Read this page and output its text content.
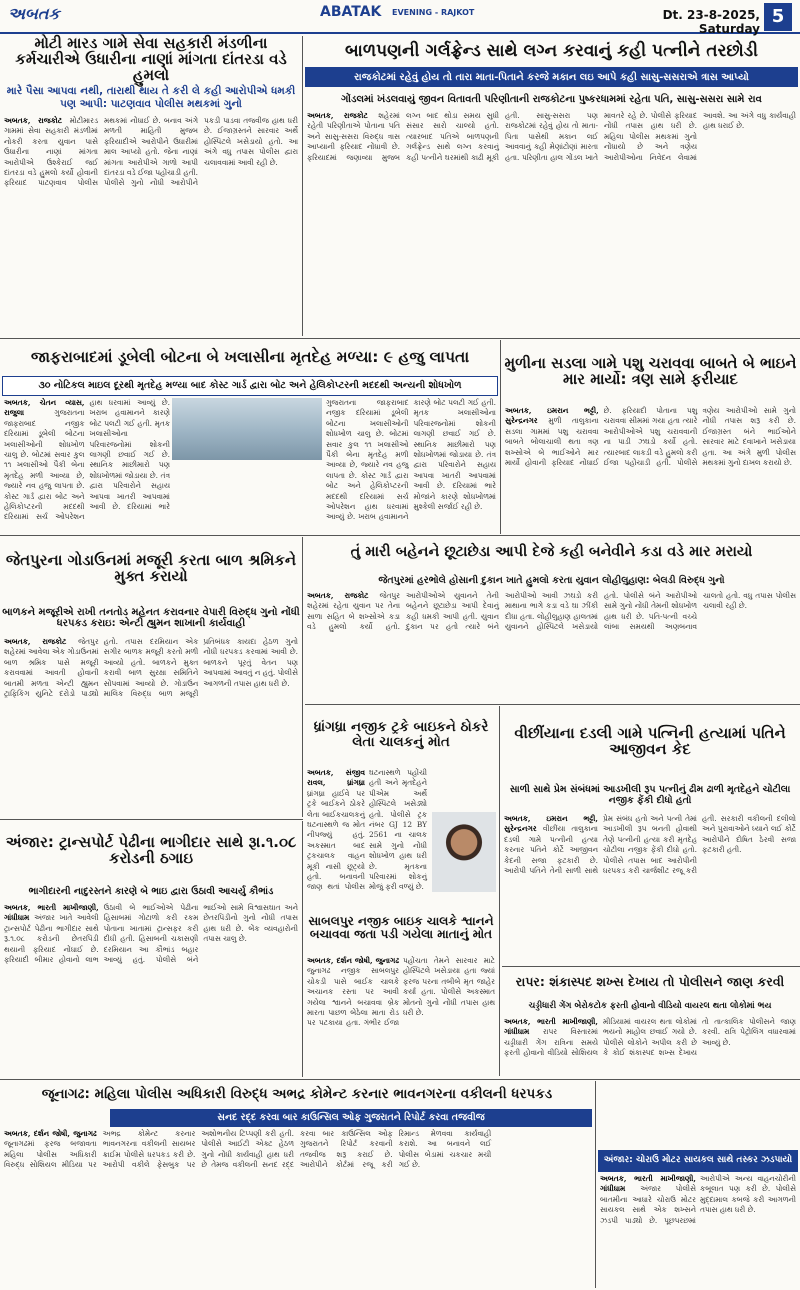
અબતક	ABATAK	EVENING - RAJKOT	Dt. 23-8-2025, Saturday
5
મોટી મારડ ગામે સેવા સહકારી મંડળીના કર્મચારીએ ઉધારીના નાણાં માંગતા દાંતરડા વડે હુમલો
મારે પૈસા આપવા નથી, તારાથી થાય તે કરી લે કહી આરોપીએ ધમકી પણ આપી: પાટણવાવ પોલીસ મથકમાં ગુનો
અબતક, રાજકોટ મોટીમારડ ગામમાં સેવા સહકારી મંડળીમાં નોકરી કરતા યુવાન પાસે ઉધારીના નાણાં માંગતા આરોપીએ ઉશ્કેરાઈ જઈ દાંતરડા વડે હુમલો કર્યો હોવાની ફરિયાદ પાટણવાવ પોલીસ મથકમાં નોંધાઈ છે. બનાવ અંગે મળતી માહિતી મુજબ ફરિયાદીએ આરોપીને ઉધારીમાં માલ આપ્યો હતો. જેના નાણાં માંગતા આરોપીએ ગાળો આપી દાંતરડા વડે ઈજા પહોંચાડી હતી. પોલીસે ગુનો નોંધી આરોપીને પકડી પાડવા તજવીજ હાથ ધરી છે. ઈજાગ્રસ્તને સારવાર અર્થે હોસ્પિટલે ખસેડાયો હતો. આ અંગે વધુ તપાસ પોલીસ દ્વારા ચલાવવામાં આવી રહી છે.
બાળપણની ગર્લફ્રેન્ડ સાથે લગ્ન કરવાનું કહી પત્નીને તરછોડી
રાજકોટમાં રહેવું હોય તો તારા માતા-પિતાને કરજે મકાન લઇ આપે કહી સાસુ-સસરાએ ત્રાસ આપ્યો
ગોંડલમાં ખંડલવાયું જીવન વિતાવતી પરિણીતાની રાજકોટના પુષ્કરધામમાં રહેતા પતિ, સાસુ-સસરા સામે રાવ
અબતક, રાજકોટ શહેરમાં રહેતી પરિણીતાએ પોતાના પતિ અને સાસુ-સસરા વિરુદ્ધ ત્રાસ આપ્યાની ફરિયાદ નોંધાવી છે. ફરિયાદમાં જણાવ્યા મુજબ લગ્ન બાદ થોડા સમય સુધી સંસાર સારો ચાલ્યો હતો. ત્યારબાદ પતિએ બાળપણની ગર્લફ્રેન્ડ સાથે લગ્ન કરવાનું કહી પત્નીને ઘરમાંથી કાઢી મૂકી હતી. સાસુ-સસરા પણ રાજકોટમાં રહેવું હોય તો માતા-પિતા પાસેથી મકાન લઈ આવવાનું કહી મેણાંટોણાં મારતા હતા. પરિણીતા હાલ ગોંડલ ખાતે માવતરે રહે છે. પોલીસે ફરિયાદ નોંધી તપાસ હાથ ધરી છે. મહિલા પોલીસ મથકમાં ગુનો નોંધાયો છે અને ત્રણેય આરોપીઓના નિવેદન લેવામાં આવશે. આ અંગે વધુ કાર્યવાહી હાથ ધરાઈ છે.
જાફરાબાદમાં ડૂબેલી બોટના બે ખલાસીના મૃતદેહ મળ્યા: ૯ હજુ લાપતા
૩૦ નોટિકલ માઇલ દૂરથી મૃતદેહ મળ્યા બાદ કોસ્ટ ગાર્ડ દ્વારા બોટ અને હેલિકોપ્ટરની મદદથી અન્યની શોધખોળ
અબતક, ચેતન વ્યાસ, રાજુલા ગુજરાતના જાફરાબાદ નજીક દરિયામાં ડૂબેલી બોટના ખલાસીઓની શોધખોળ ચાલુ છે. બોટમાં સવાર કુલ ૧૧ ખલાસીઓ પૈકી બેના મૃતદેહ મળી આવ્યા છે, જ્યારે નવ હજુ લાપતા છે. કોસ્ટ ગાર્ડ દ્વારા બોટ અને હેલિકોપ્ટરની મદદથી દરિયામાં સર્ચ ઓપરેશન હાથ ધરવામાં આવ્યું છે. ખરાબ હવામાનને કારણે બોટ પલટી ગઈ હતી. મૃતક ખલાસીઓના પરિવારજનોમાં શોકની લાગણી છવાઈ ગઈ છે. સ્થાનિક માછીમારો પણ શોધખોળમાં જોડાયા છે. તંત્ર દ્વારા પરિવારોને સહાય આપવા ખાતરી આપવામાં આવી છે. દરિયામાં ભારે
ગુજરાતના જાફરાબાદ નજીક દરિયામાં ડૂબેલી બોટના ખલાસીઓની શોધખોળ ચાલુ છે. બોટમાં સવાર કુલ ૧૧ ખલાસીઓ પૈકી બેના મૃતદેહ મળી આવ્યા છે, જ્યારે નવ હજુ લાપતા છે. કોસ્ટ ગાર્ડ દ્વારા બોટ અને હેલિકોપ્ટરની મદદથી દરિયામાં સર્ચ ઓપરેશન હાથ ધરવામાં આવ્યું છે. ખરાબ હવામાનને કારણે બોટ પલટી ગઈ હતી. મૃતક ખલાસીઓના પરિવારજનોમાં શોકની લાગણી છવાઈ ગઈ છે. સ્થાનિક માછીમારો પણ શોધખોળમાં જોડાયા છે. તંત્ર દ્વારા પરિવારોને સહાય આપવા ખાતરી આપવામાં આવી છે. દરિયામાં ભારે મોજાંને કારણે શોધખોળમાં મુશ્કેલી સર્જાઈ રહી છે.
મુળીના સડલા ગામે પશુ ચરાવવા બાબતે બે ભાઇને માર માર્યો: ત્રણ સામે ફરીયાદ
અબતક, ઇમરાન ભટ્ટી, સુરેન્દ્રનગર મુળી તાલુકાના સડલા ગામમાં પશુ ચરાવવા બાબતે બોલાચાલી થતા ત્રણ શખ્સોએ બે ભાઈઓને માર માર્યો હોવાની ફરિયાદ નોંધાઈ છે. ફરિયાદી પોતાના પશુ ચરાવવા સીમમાં ગયા હતા ત્યારે આરોપીઓએ પશુ ચરાવવાની ના પાડી ઝઘડો કર્યો હતો. ત્યારબાદ લાકડી વડે હુમલો કરી ઈજા પહોંચાડી હતી. પોલીસે ત્રણેય આરોપીઓ સામે ગુનો નોંધી તપાસ શરૂ કરી છે. ઈજાગ્રસ્ત બંને ભાઈઓને સારવાર માટે દવાખાને ખસેડાયા હતા. આ અંગે મુળી પોલીસ મથકમાં ગુનો દાખલ કરાયો છે.
જેતપુરના ગોડાઉનમાં મજૂરી કરતા બાળ શ્રમિકને મુક્ત કરાયો
બાળકને મજૂરીએ રાખી તનતોડ મહેનત કરાવનાર વેપારી વિરુદ્ધ ગુનો નોંધી ધરપકડ કરાઇ: એન્ટી હ્યુમન શાખાની કાર્યવાહી
અબતક, રાજકોટ જેતપુર શહેરમાં આવેલા એક ગોડાઉનમાં બાળ શ્રમિક પાસે મજૂરી કરાવવામાં આવતી હોવાની બાતમી મળતા એન્ટી હ્યુમન ટ્રાફિકિંગ યુનિટે દરોડો પાડ્યો હતો. તપાસ દરમિયાન એક સગીર બાળક મજૂરી કરતો મળી આવ્યો હતો. બાળકને મુક્ત કરાવી બાળ સુરક્ષા સમિતિને સોંપવામાં આવ્યો છે. ગોડાઉન માલિક વિરુદ્ધ બાળ મજૂરી પ્રતિબંધક કાયદા હેઠળ ગુનો નોંધી ધરપકડ કરવામાં આવી છે. બાળકને પૂરતું વેતન પણ આપવામાં આવતું ન હતું. પોલીસે આગળની તપાસ હાથ ધરી છે.
તું મારી બહેનને છૂટાછેડા આપી દેજે કહી બનેવીને કડા વડે માર મરાયો
જેતપુરમાં હરભોલે હોસાની દુકાન ખાતે હુમલો કરતા યુવાન લોહીલુહાણ: બેલડી વિરુદ્ધ ગુનો
અબતક, રાજકોટ જેતપુર શહેરમાં રહેતા યુવાન પર તેના સાળા સહિત બે શખ્સોએ કડા વડે હુમલો કર્યો હતો. આરોપીઓએ યુવાનને તેની બહેનને છૂટાછેડા આપી દેવાનું કહી ધમકી આપી હતી. યુવાન દુકાન પર હતો ત્યારે બંને આરોપીઓ આવી ઝઘડો કરી માથાના ભાગે કડા વડે ઘા ઝીંકી દીધા હતા. લોહીલુહાણ હાલતમાં યુવાનને હોસ્પિટલે ખસેડાયો હતો. પોલીસે બંને આરોપીઓ સામે ગુનો નોંધી તેમની શોધખોળ હાથ ધરી છે. પતિ-પત્ની વચ્ચે લાંબા સમયથી અણબનાવ ચાલતો હતો. વધુ તપાસ પોલીસ ચલાવી રહી છે.
ધ્રાંગધ્રા નજીક ટ્રકે બાઇકને ઠોકરે લેતા ચાલકનું મોત
અબતક, સંજીવ રાવલ, ધ્રાંગધ્રા ધ્રાંગધ્રા હાઈવે પર ટ્રકે બાઈકને ઠોકરે લેતા બાઈકચાલકનું ઘટનાસ્થળે જ મોત નીપજ્યું હતું. અકસ્માત બાદ ટ્રકચાલક વાહન મૂકી નાસી છૂટ્યો હતો. બનાવની જાણ થતાં પોલીસ ઘટનાસ્થળે પહોંચી હતી અને મૃતદેહને પીએમ અર્થે હોસ્પિટલે ખસેડ્યો હતો. પોલીસે ટ્રક નંબર GJ 12 BY 2561 ના ચાલક સામે ગુનો નોંધી શોધખોળ હાથ ધરી છે. મૃતકના પરિવારમાં શોકનું મોજું ફરી વળ્યું છે.
વીછીંયાના દડલી ગામે પત્નિની હત્યામાં પતિને આજીવન કેદ
સાળી સાથે પ્રેમ સંબંધમાં આડખીલી રૂપ પત્નીનું ઢીમ ઢાળી મૃતદેહને ચોટીલા નજીક ફેંકી દીધો હતો
અબતક, ઇમરાન ભટ્ટી, સુરેન્દ્રનગર વીછીંયા તાલુકાના દડલી ગામે પત્નીની હત્યા કરનાર પતિને કોર્ટે આજીવન કેદની સજા ફટકારી છે. આરોપી પતિને તેની સાળી સાથે પ્રેમ સંબંધ હતો અને પત્ની તેમાં આડખીલી રૂપ બનતી હોવાથી તેણે પત્નીની હત્યા કરી મૃતદેહ ચોટીલા નજીક ફેંકી દીધો હતો. પોલીસે તપાસ બાદ આરોપીની ધરપકડ કરી ચાર્જશીટ રજૂ કરી હતી. સરકારી વકીલની દલીલો અને પુરાવાઓને ધ્યાને લઈ કોર્ટે આરોપીને દોષિત ઠેરવી સજા ફટકારી હતી.
અંજાર: ટ્રાન્સપોર્ટ પેઢીના ભાગીદાર સાથે રૂા.૧.૦૮ કરોડની ઠગાઇ
ભાગીદારની નાદુરસ્તને કારણે બે ભાઇ દ્વારા ઉઠાવી આચર્યુ કૌભાંડ
અબતક, ભારતી માખીજાણી, ગાંધીધામ અંજાર ખાતે આવેલી ટ્રાન્સપોર્ટ પેઢીના ભાગીદાર સાથે રૂ.૧.૦૮ કરોડની છેતરપિંડી થયાની ફરિયાદ નોંધાઈ છે. ફરિયાદી બીમાર હોવાનો લાભ ઉઠાવી બે ભાઈઓએ પેઢીના હિસાબમાં ગોટાળો કરી રકમ પોતાના ખાતામાં ટ્રાન્સફર કરી દીધી હતી. હિસાબની ચકાસણી દરમિયાન આ કૌભાંડ બહાર આવ્યું હતું. પોલીસે બંને ભાઈઓ સામે વિશ્વાસઘાત અને છેતરપિંડીનો ગુનો નોંધી તપાસ હાથ ધરી છે. બેંક વ્યવહારોની તપાસ ચાલુ છે.
સાબલપુર નજીક બાઇક ચાલકે શ્વાનને બચાવવા જતા પડી ગયેલા માતાનું મોત
અબતક, દર્શન જોષી, જુનાગઢ જુનાગઢ નજીક સાબલપુર ચોકડી પાસે બાઈક ચાલકે અચાનક રસ્તા પર આવી ગયેલા શ્વાનને બચાવવા બ્રેક મારતા પાછળ બેઠેલા માતા રોડ પર પટકાયા હતા. ગંભીર ઈજા પહોંચતા તેમને સારવાર માટે હોસ્પિટલે ખસેડાયા હતા જ્યાં ફરજ પરના તબીબે મૃત જાહેર કર્યા હતા. પોલીસે અકસ્માત મોતનો ગુનો નોંધી તપાસ હાથ ધરી છે.
રાપર: શંકાસ્પદ શખ્સ દેખાય તો પોલીસને જાણ કરવી
ચડ્ડીધારી ગેંગ બેરોકટોક ફરતી હોવાનો વીડિયો વાયરલ થતા લોકોમાં ભય
અબતક, ભારતી માખીજાણી, ગાંધીધામ રાપર વિસ્તારમાં ચડ્ડીધારી ગેંગ રાત્રિના સમયે ફરતી હોવાનો વીડિયો સોશિયલ મીડિયામાં વાયરલ થતા લોકોમાં ભયનો માહોલ છવાઈ ગયો છે. પોલીસે લોકોને અપીલ કરી છે કે કોઈ શંકાસ્પદ શખ્સ દેખાય તો તાત્કાલિક પોલીસને જાણ કરવી. રાત્રિ પેટ્રોલિંગ વધારવામાં આવ્યું છે.
જૂનાગઢ: મહિલા પોલીસ અધિકારી વિરુદ્ધ અભદ્ર કોમેન્ટ કરનાર ભાવનગરના વકીલની ધરપકડ
સનદ રદ્દ કરવા બાર કાઉન્સિલ ઓફ ગુજરાતને રિપોર્ટ કરવા તજવીજ
અબતક, દર્શન જોષી, જુનાગઢ જૂનાગઢમાં ફરજ બજાવતા મહિલા પોલીસ અધિકારી વિરુદ્ધ સોશિયલ મીડિયા પર અભદ્ર કોમેન્ટ કરનાર ભાવનગરના વકીલની સાયબર ક્રાઈમ પોલીસે ધરપકડ કરી છે. આરોપી વકીલે ફેસબુક પર અશોભનીય ટિપ્પણી કરી હતી. પોલીસે આઈટી એક્ટ હેઠળ ગુનો નોંધી કાર્યવાહી હાથ ધરી છે તેમજ વકીલની સનદ રદ્દ કરવા બાર કાઉન્સિલ ઓફ ગુજરાતને રિપોર્ટ કરવાની તજવીજ શરૂ કરાઈ છે. આરોપીને કોર્ટમાં રજૂ કરી રિમાન્ડ મેળવવા કાર્યવાહી કરાશે. આ બનાવને લઈ પોલીસ બેડામાં ચકચાર મચી ગઈ છે.	અંજાર: ચોરાઉ મોટર સાયકલ સાથે તસ્કર ઝડપાયો
અબતક, ભારતી માખીજાણી, ગાંધીધામ અંજાર પોલીસે બાતમીના આધારે ચોરાઉ મોટર સાયકલ સાથે એક શખ્સને ઝડપી પાડ્યો છે. પૂછપરછમાં આરોપીએ અન્ય વાહનચોરીની કબૂલાત પણ કરી છે. પોલીસે મુદ્દામાલ કબજે કરી આગળની તપાસ હાથ ધરી છે.
